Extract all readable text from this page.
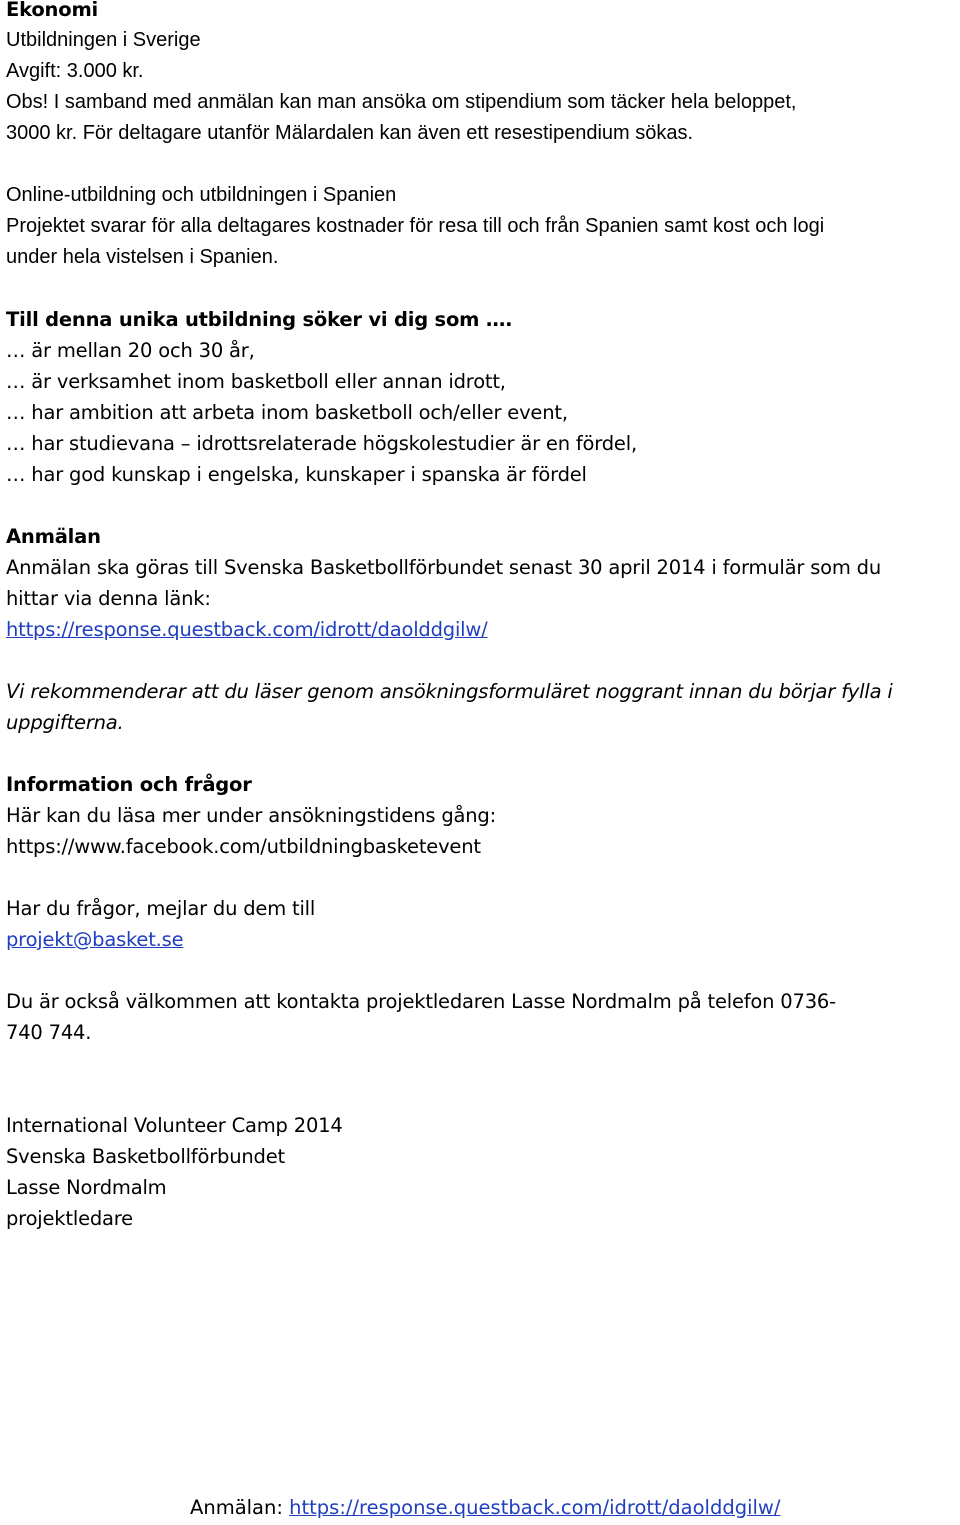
Ekonomi
Utbildningen i Sverige
Avgift: 3.000 kr.
Obs! I samband med anmälan kan man ansöka om stipendium som täcker hela beloppet,
3000 kr. För deltagare utanför Mälardalen kan även ett resestipendium sökas.
Online-utbildning och utbildningen i Spanien
Projektet svarar för alla deltagares kostnader för resa till och från Spanien samt kost och logi
under hela vistelsen i Spanien.
Till denna unika utbildning söker vi dig som ….
… är mellan 20 och 30 år,
… är verksamhet inom basketboll eller annan idrott,
… har ambition att arbeta inom basketboll och/eller event,
… har studievana – idrottsrelaterade högskolestudier är en fördel,
… har god kunskap i engelska, kunskaper i spanska är fördel
Anmälan
Anmälan ska göras till Svenska Basketbollförbundet senast 30 april 2014 i formulär som du
hittar via denna länk:
https://response.questback.com/idrott/daolddgilw/
Vi rekommenderar att du läser genom ansökningsformuläret noggrant innan du börjar fylla i
uppgifterna.
Information och frågor
Här kan du läsa mer under ansökningstidens gång:
https://www.facebook.com/utbildningbasketevent
Har du frågor, mejlar du dem till
projekt@basket.se
Du är också välkommen att kontakta projektledaren Lasse Nordmalm på telefon 0736-
740 744.
International Volunteer Camp 2014
Svenska Basketbollförbundet
Lasse Nordmalm
projektledare
Anmälan: https://response.questback.com/idrott/daolddgilw/
